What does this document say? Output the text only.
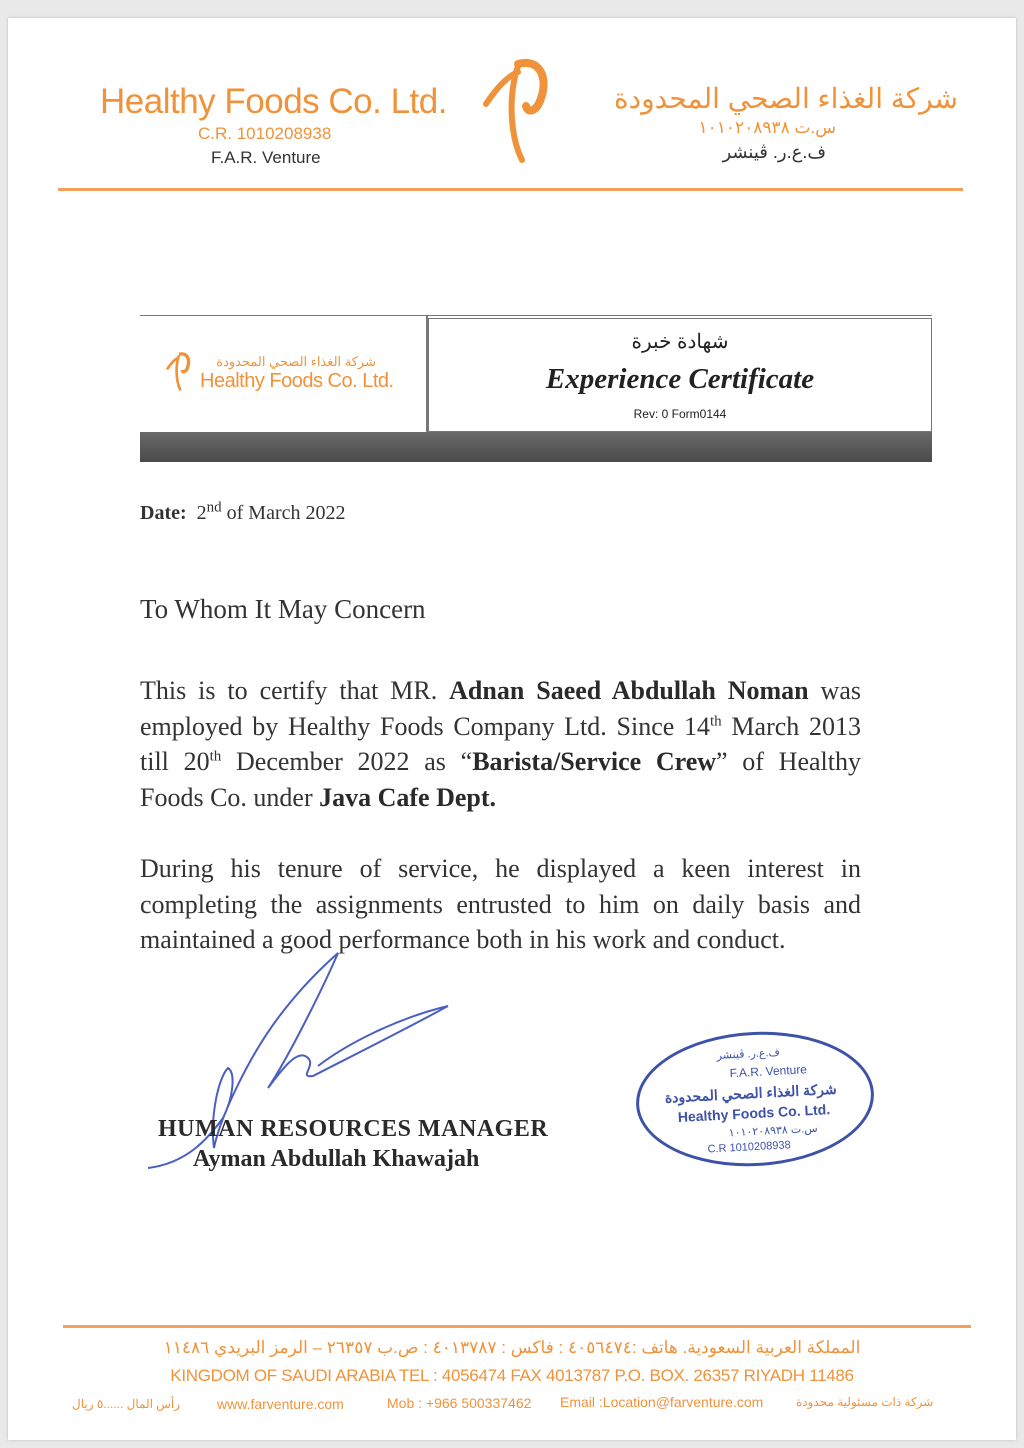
Healthy Foods Co. Ltd.
C.R. 1010208938
F.A.R. Venture
شركة الغذاء الصحي المحدودة
س.ت ١٠١٠٢٠٨٩٣٨
ف.ع.ر. ڤينشر
شركة الغذاء الصحي المحدودة
Healthy Foods Co. Ltd.
شهادة خبرة
Experience Certificate
Rev: 0 Form0144
Date: 2nd of March 2022
To Whom It May Concern
This is to certify that MR. Adnan Saeed Abdullah Noman was employed by Healthy Foods Company Ltd. Since 14th March 2013 till 20th December 2022 as “Barista/Service Crew” of Healthy Foods Co. under Java Cafe Dept.
During his tenure of service, he displayed a keen interest in completing the assignments entrusted to him on daily basis and maintained a good performance both in his work and conduct.
HUMAN RESOURCES MANAGER
Ayman Abdullah Khawajah
ف.ع.ر. ڤينشر
F.A.R. Venture
شركة الغذاء الصحي المحدودة
Healthy Foods Co. Ltd.
س.ت ١٠١٠٢٠٨٩٣٨
C.R 1010208938
المملكة العربية السعودية. هاتف :٤٠٥٦٤٧٤ : فاكس : ٤٠١٣٧٨٧ : ص.ب ٢٦٣٥٧ – الرمز البريدي ١١٤٨٦
KINGDOM OF SAUDI ARABIA TEL : 4056474 FAX 4013787 P.O. BOX. 26357 RIYADH 11486
رأس المال ......٥ ريال	www.farventure.com	Mob : +966 500337462 Email :Location@farventure.com	شركة ذات مسئولية محدودة
